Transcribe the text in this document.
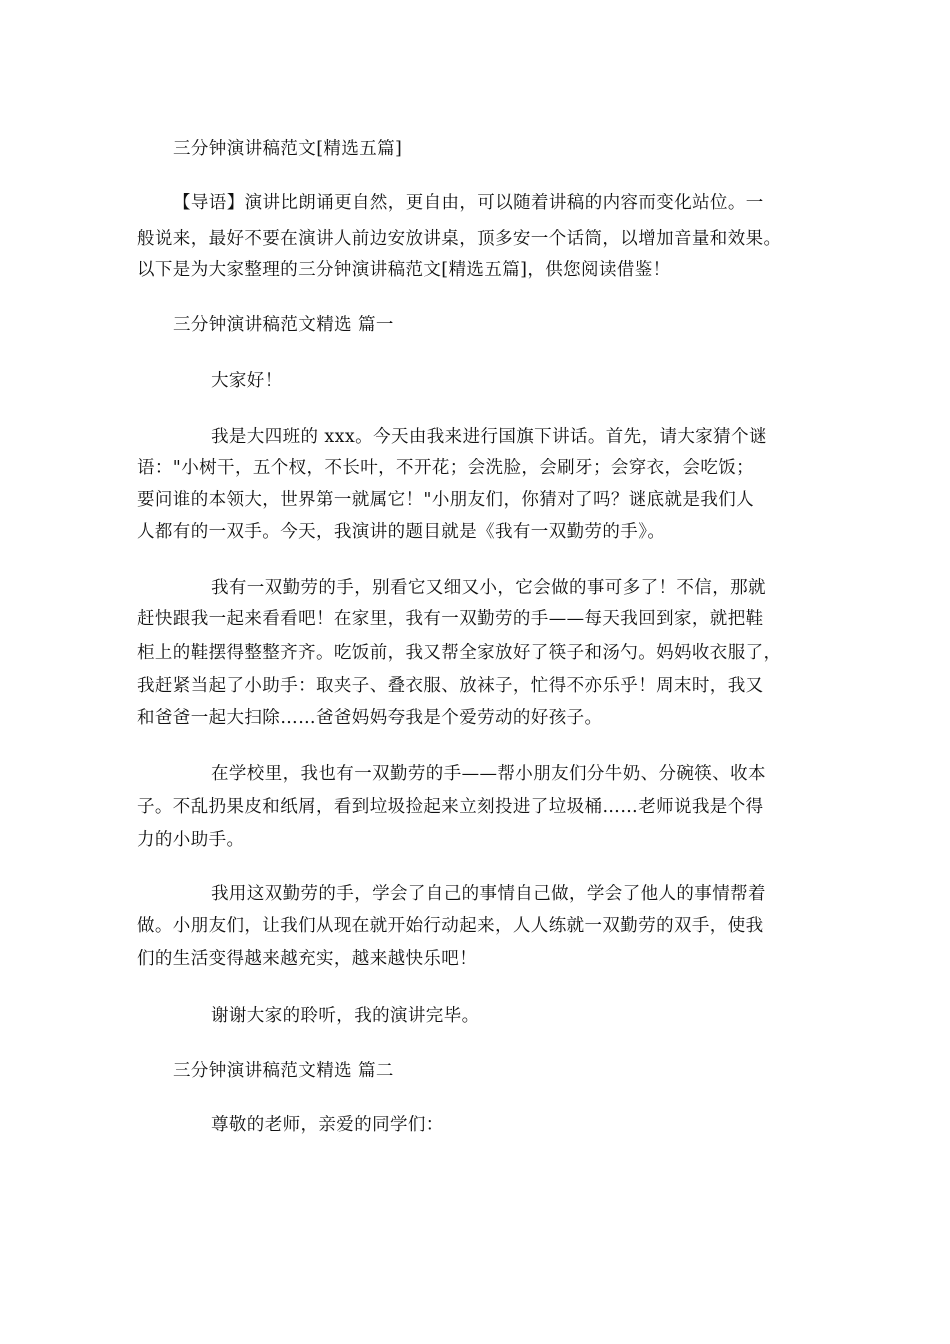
三分钟演讲稿范文[精选五篇]
【导语】演讲比朗诵更自然，更自由，可以随着讲稿的内容而变化站位。一
般说来，最好不要在演讲人前边安放讲桌，顶多安一个话筒，以增加音量和效果。
以下是为大家整理的三分钟演讲稿范文[精选五篇]，供您阅读借鉴！
三分钟演讲稿范文精选 篇一
大家好！
我是大四班的 xxx。今天由我来进行国旗下讲话。首先，请大家猜个谜
语："小树干，五个杈，不长叶，不开花；会洗脸，会刷牙；会穿衣，会吃饭；
要问谁的本领大，世界第一就属它！"小朋友们，你猜对了吗？谜底就是我们人
人都有的一双手。今天，我演讲的题目就是《我有一双勤劳的手》。
我有一双勤劳的手，别看它又细又小，它会做的事可多了！不信，那就
赶快跟我一起来看看吧！在家里，我有一双勤劳的手——每天我回到家，就把鞋
柜上的鞋摆得整整齐齐。吃饭前，我又帮全家放好了筷子和汤勺。妈妈收衣服了，
我赶紧当起了小助手：取夹子、叠衣服、放袜子，忙得不亦乐乎！周末时，我又
和爸爸一起大扫除……爸爸妈妈夸我是个爱劳动的好孩子。
在学校里，我也有一双勤劳的手——帮小朋友们分牛奶、分碗筷、收本
子。不乱扔果皮和纸屑，看到垃圾捡起来立刻投进了垃圾桶……老师说我是个得
力的小助手。
我用这双勤劳的手，学会了自己的事情自己做，学会了他人的事情帮着
做。小朋友们，让我们从现在就开始行动起来，人人练就一双勤劳的双手，使我
们的生活变得越来越充实，越来越快乐吧！
谢谢大家的聆听，我的演讲完毕。
三分钟演讲稿范文精选 篇二
尊敬的老师，亲爱的同学们：
